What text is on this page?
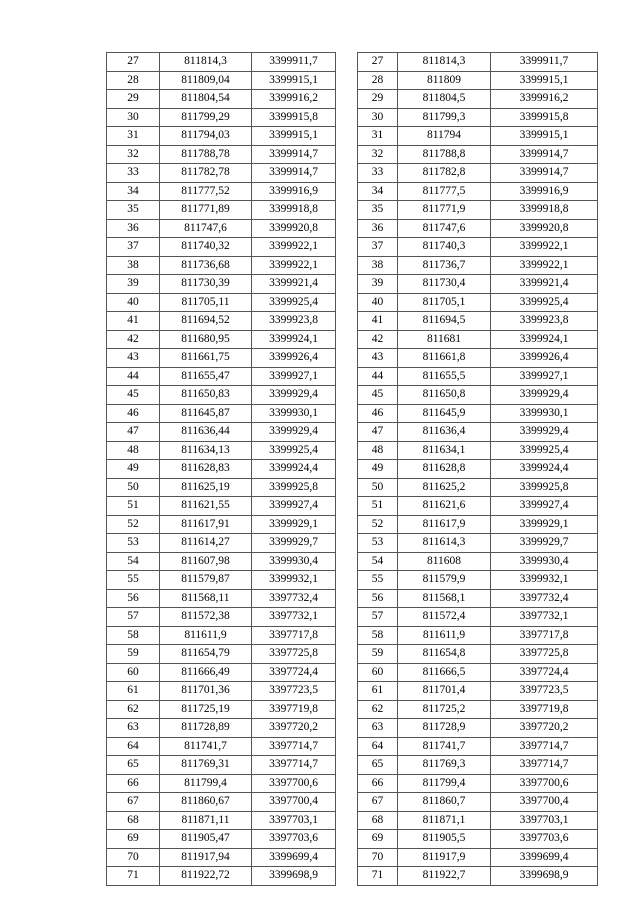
27	811814,3	3399911,7		27	811814,3	3399911,7
28	811809,04	3399915,1		28	811809	3399915,1
29	811804,54	3399916,2		29	811804,5	3399916,2
30	811799,29	3399915,8		30	811799,3	3399915,8
31	811794,03	3399915,1		31	811794	3399915,1
32	811788,78	3399914,7		32	811788,8	3399914,7
33	811782,78	3399914,7		33	811782,8	3399914,7
34	811777,52	3399916,9		34	811777,5	3399916,9
35	811771,89	3399918,8		35	811771,9	3399918,8
36	811747,6	3399920,8		36	811747,6	3399920,8
37	811740,32	3399922,1		37	811740,3	3399922,1
38	811736,68	3399922,1		38	811736,7	3399922,1
39	811730,39	3399921,4		39	811730,4	3399921,4
40	811705,11	3399925,4		40	811705,1	3399925,4
41	811694,52	3399923,8		41	811694,5	3399923,8
42	811680,95	3399924,1		42	811681	3399924,1
43	811661,75	3399926,4		43	811661,8	3399926,4
44	811655,47	3399927,1		44	811655,5	3399927,1
45	811650,83	3399929,4		45	811650,8	3399929,4
46	811645,87	3399930,1		46	811645,9	3399930,1
47	811636,44	3399929,4		47	811636,4	3399929,4
48	811634,13	3399925,4		48	811634,1	3399925,4
49	811628,83	3399924,4		49	811628,8	3399924,4
50	811625,19	3399925,8		50	811625,2	3399925,8
51	811621,55	3399927,4		51	811621,6	3399927,4
52	811617,91	3399929,1		52	811617,9	3399929,1
53	811614,27	3399929,7		53	811614,3	3399929,7
54	811607,98	3399930,4		54	811608	3399930,4
55	811579,87	3399932,1		55	811579,9	3399932,1
56	811568,11	3397732,4		56	811568,1	3397732,4
57	811572,38	3397732,1		57	811572,4	3397732,1
58	811611,9	3397717,8		58	811611,9	3397717,8
59	811654,79	3397725,8		59	811654,8	3397725,8
60	811666,49	3397724,4		60	811666,5	3397724,4
61	811701,36	3397723,5		61	811701,4	3397723,5
62	811725,19	3397719,8		62	811725,2	3397719,8
63	811728,89	3397720,2		63	811728,9	3397720,2
64	811741,7	3397714,7		64	811741,7	3397714,7
65	811769,31	3397714,7		65	811769,3	3397714,7
66	811799,4	3397700,6		66	811799,4	3397700,6
67	811860,67	3397700,4		67	811860,7	3397700,4
68	811871,11	3397703,1		68	811871,1	3397703,1
69	811905,47	3397703,6		69	811905,5	3397703,6
70	811917,94	3399699,4		70	811917,9	3399699,4
71	811922,72	3399698,9		71	811922,7	3399698,9
